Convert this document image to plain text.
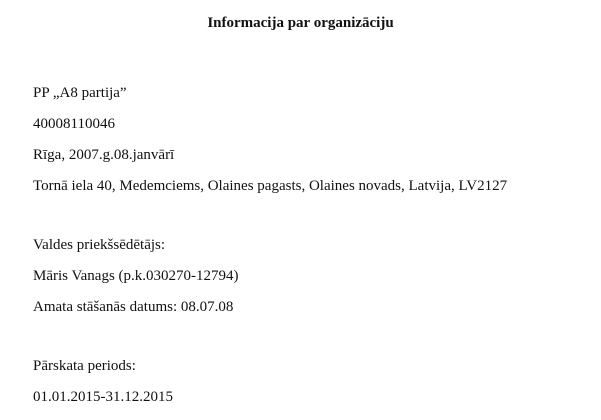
Informacija par organizāciju
PP „A8 partija”
40008110046
Rīga, 2007.g.08.janvārī
Tornā iela 40, Medemciems, Olaines pagasts, Olaines novads, Latvija, LV2127
Valdes priekšsēdētājs:
Māris Vanags (p.k.030270-12794)
Amata stāšanās datums: 08.07.08
Pārskata periods:
01.01.2015-31.12.2015
